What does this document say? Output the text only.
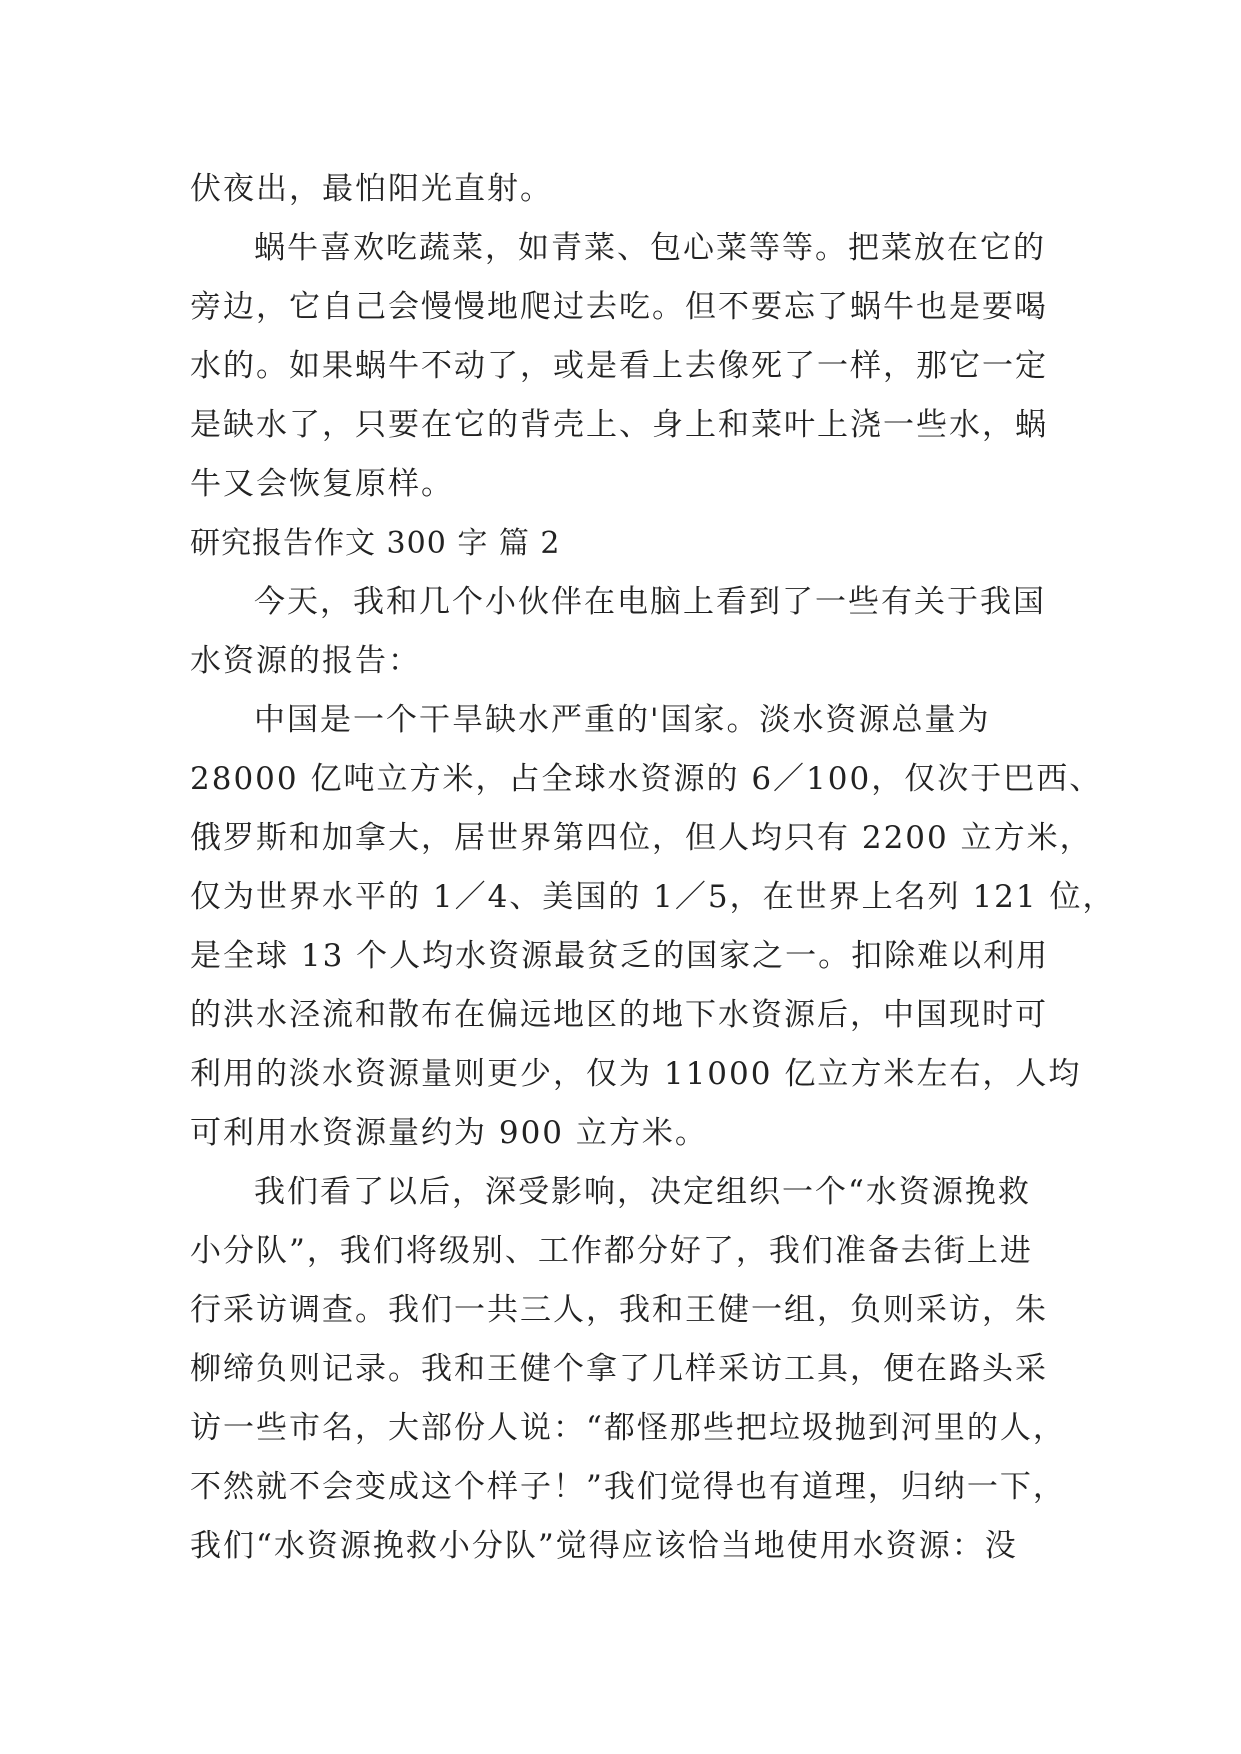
伏夜出，最怕阳光直射。
蜗牛喜欢吃蔬菜，如青菜、包心菜等等。把菜放在它的
旁边，它自己会慢慢地爬过去吃。但不要忘了蜗牛也是要喝
水的。如果蜗牛不动了，或是看上去像死了一样，那它一定
是缺水了，只要在它的背壳上、身上和菜叶上浇一些水，蜗
牛又会恢复原样。
研究报告作文 300 字 篇 2
今天，我和几个小伙伴在电脑上看到了一些有关于我国
水资源的报告：
中国是一个干旱缺水严重的'国家。淡水资源总量为
28000 亿吨立方米，占全球水资源的 6／100，仅次于巴西、
俄罗斯和加拿大，居世界第四位，但人均只有 2200 立方米，
仅为世界水平的 1／4、美国的 1／5，在世界上名列 121 位，
是全球 13 个人均水资源最贫乏的国家之一。扣除难以利用
的洪水泾流和散布在偏远地区的地下水资源后，中国现时可
利用的淡水资源量则更少，仅为 11000 亿立方米左右，人均
可利用水资源量约为 900 立方米。
我们看了以后，深受影响，决定组织一个“水资源挽救
小分队”，我们将级别、工作都分好了，我们准备去街上进
行采访调查。我们一共三人，我和王健一组，负则采访，朱
柳缔负则记录。我和王健个拿了几样采访工具，便在路头采
访一些市名，大部份人说：“都怪那些把垃圾抛到河里的人，
不然就不会变成这个样子！”我们觉得也有道理，归纳一下，
我们“水资源挽救小分队”觉得应该恰当地使用水资源：没
